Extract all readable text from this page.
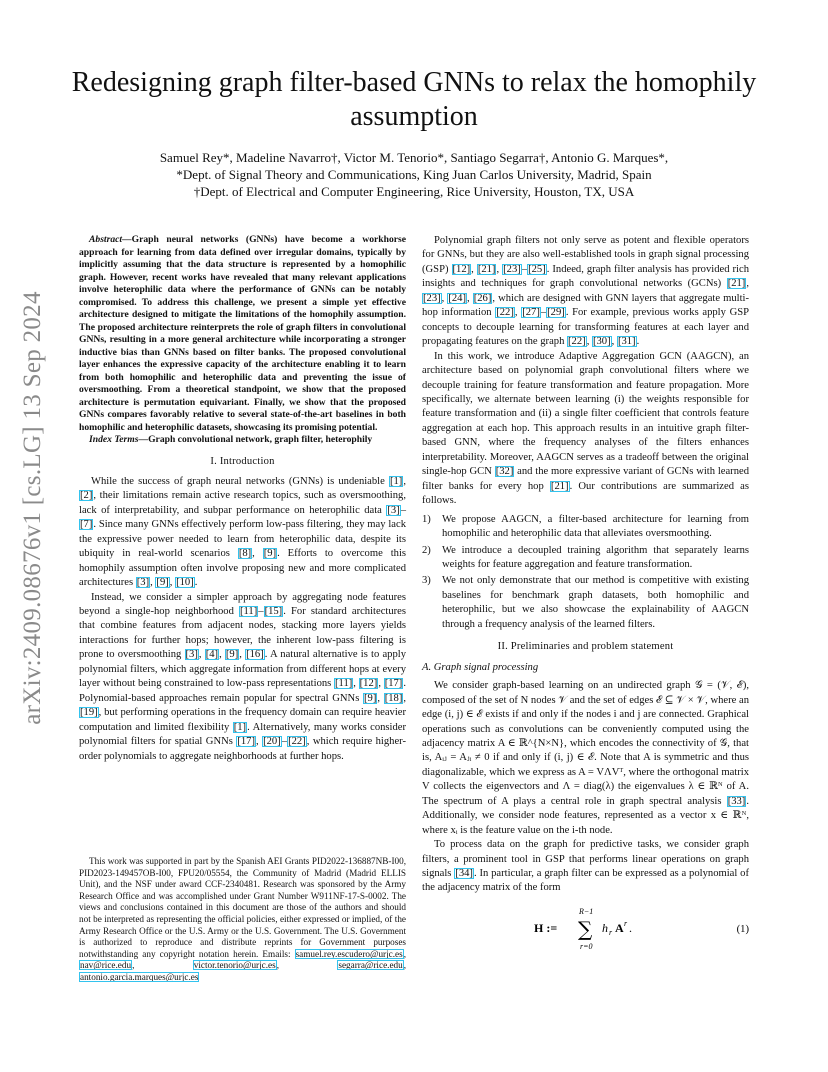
arXiv:2409.08676v1 [cs.LG] 13 Sep 2024
Redesigning graph filter-based GNNs to relax the homophily assumption
Samuel Rey*, Madeline Navarro†, Victor M. Tenorio*, Santiago Segarra†, Antonio G. Marques*,
*Dept. of Signal Theory and Communications, King Juan Carlos University, Madrid, Spain
†Dept. of Electrical and Computer Engineering, Rice University, Houston, TX, USA

Abstract—Graph neural networks (GNNs) have become a workhorse approach for learning from data defined over irregular domains, typically by implicitly assuming that the data structure is represented by a homophilic graph. However, recent works have revealed that many relevant applications involve heterophilic data where the performance of GNNs can be notably compromised. To address this challenge, we present a simple yet effective architecture designed to mitigate the limitations of the homophily assumption. The proposed architecture reinterprets the role of graph filters in convolutional GNNs, resulting in a more general architecture while incorporating a stronger inductive bias than GNNs based on filter banks. The proposed convolutional layer enhances the expressive capacity of the architecture enabling it to learn from both homophilic and heterophilic data and preventing the issue of oversmoothing. From a theoretical standpoint, we show that the proposed architecture is permutation equivariant. Finally, we show that the proposed GNNs compares favorably relative to several state-of-the-art baselines in both homophilic and heterophilic datasets, showcasing its promising potential.

Index Terms—Graph convolutional network, graph filter, heterophily

I. Introduction

While the success of graph neural networks (GNNs) is undeniable [1], [2], their limitations remain active research topics, such as oversmoothing, lack of interpretability, and subpar performance on heterophilic data [3]–[7]. Since many GNNs effectively perform low-pass filtering, they may lack the expressive power needed to learn from heterophilic data, despite its ubiquity in real-world scenarios [8], [9]. Efforts to overcome this homophily assumption often involve proposing new and more complicated architectures [3], [9], [10].

Instead, we consider a simpler approach by aggregating node features beyond a single-hop neighborhood [11]–[15]. For standard architectures that combine features from adjacent nodes, stacking more layers yields interactions for further hops; however, the inherent low-pass filtering is prone to oversmoothing [3], [4], [9], [16]. A natural alternative is to apply polynomial filters, which aggregate information from different hops at every layer without being constrained to low-pass representations [11], [12], [17]. Polynomial-based approaches remain popular for spectral GNNs [9], [18], [19], but performing operations in the frequency domain can require heavier computation and limited flexibility [1]. Alternatively, many works consider polynomial filters for spatial GNNs [17], [20]–[22], which require higher-order polynomials to aggregate neighborhoods at further hops.

This work was supported in part by the Spanish AEI Grants PID2022-136887NB-I00, PID2023-149457OB-I00, FPU20/05554, the Community of Madrid (Madrid ELLIS Unit), and the NSF under award CCF-2340481. Research was sponsored by the Army Research Office and was accomplished under Grant Number W911NF-17-S-0002. The views and conclusions contained in this document are those of the authors and should not be interpreted as representing the official policies, either expressed or implied, of the Army Research Office or the U.S. Army or the U.S. Government. The U.S. Government is authorized to reproduce and distribute reprints for Government purposes notwithstanding any copyright notation herein. Emails: samuel.rey.escudero@urjc.es, nav@rice.edu, victor.tenorio@urjc.es, segarra@rice.edu, antonio.garcia.marques@urjc.es

Polynomial graph filters not only serve as potent and flexible operators for GNNs, but they are also well-established tools in graph signal processing (GSP) [12], [21], [23]–[25]. Indeed, graph filter analysis has provided rich insights and techniques for graph convolutional networks (GCNs) [21], [23], [24], [26], which are designed with GNN layers that aggregate multi-hop information [22], [27]–[29]. For example, previous works apply GSP concepts to decouple learning for transforming features at each layer and propagating features on the graph [22], [30], [31].

In this work, we introduce Adaptive Aggregation GCN (AAGCN), an architecture based on polynomial graph convolutional filters where we decouple training for feature transformation and feature propagation. More specifically, we alternate between learning (i) the weights responsible for feature transformation and (ii) a single filter coefficient that controls feature aggregation at each hop. This approach results in an intuitive graph filter-based GNN, where the frequency analyses of the filters enhances interpretability. Moreover, AAGCN serves as a tradeoff between the original single-hop GCN [32] and the more expressive variant of GCNs with learned filter banks for every hop [21]. Our contributions are summarized as follows.

1) We propose AAGCN, a filter-based architecture for learning from homophilic and heterophilic data that alleviates oversmoothing.
2) We introduce a decoupled training algorithm that separately learns weights for feature aggregation and feature transformation.
3) We not only demonstrate that our method is competitive with existing baselines for benchmark graph datasets, both homophilic and heterophilic, but we also showcase the explainability of AAGCN through a frequency analysis of the learned filters.
II. Preliminaries and problem statement
A. Graph signal processing

We consider graph-based learning on an undirected graph 𝒢 = (𝒱, ℰ), composed of the set of N nodes 𝒱 and the set of edges ℰ ⊆ 𝒱 × 𝒱, where an edge (i, j) ∈ ℰ exists if and only if the nodes i and j are connected. Graphical operations such as convolutions can be conveniently computed using the adjacency matrix A ∈ ℝ^{N×N}, which encodes the connectivity of 𝒢, that is, Aᵢⱼ = Aⱼᵢ ≠ 0 if and only if (i, j) ∈ ℰ. Note that A is symmetric and thus diagonalizable, which we express as A = VΛVᵀ, where the orthogonal matrix V collects the eigenvectors and Λ = diag(λ) the eigenvalues λ ∈ ℝᴺ of A. The spectrum of A plays a central role in graph spectral analysis [33]. Additionally, we consider node features, represented as a vector x ∈ ℝᴺ, where xᵢ is the feature value on the i-th node.

To process data on the graph for predictive tasks, we consider graph filters, a prominent tool in GSP that performs linear operations on graph signals [34]. In particular, a graph filter can be expressed as a polynomial of the adjacency matrix of the form

H :=
R−1
∑
r=0
h r A r .	(1)
